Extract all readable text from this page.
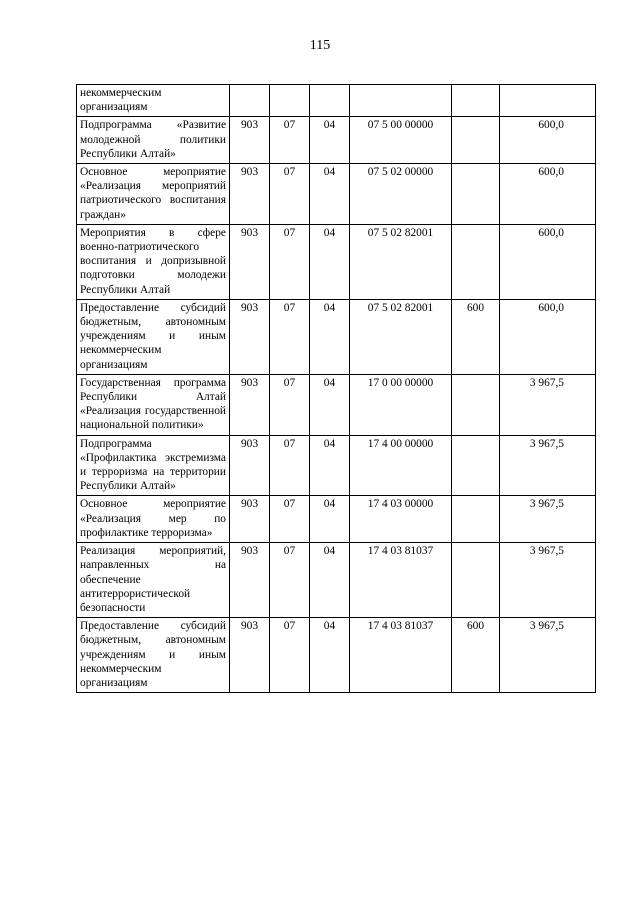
115
некоммерческим организациям						
Подпрограмма «Развитие молодежной политики Республики Алтай»	903	07	04	07 5 00 00000		600,0
Основное мероприятие «Реализация мероприятий патриотического воспитания граждан»	903	07	04	07 5 02 00000		600,0
Мероприятия в сфере военно-патриотического воспитания и допризывной подготовки молодежи Республики Алтай	903	07	04	07 5 02 82001		600,0
Предоставление субсидий бюджетным, автономным учреждениям и иным некоммерческим организациям	903	07	04	07 5 02 82001	600	600,0
Государственная программа Республики Алтай «Реализация государственной национальной политики»	903	07	04	17 0 00 00000		3 967,5
Подпрограмма «Профилактика экстремизма и терроризма на территории Республики Алтай»	903	07	04	17 4 00 00000		3 967,5
Основное мероприятие «Реализация мер по профилактике терроризма»	903	07	04	17 4 03 00000		3 967,5
Реализация мероприятий, направленных на обеспечение антитеррористической безопасности	903	07	04	17 4 03 81037		3 967,5
Предоставление субсидий бюджетным, автономным учреждениям и иным некоммерческим организациям	903	07	04	17 4 03 81037	600	3 967,5
